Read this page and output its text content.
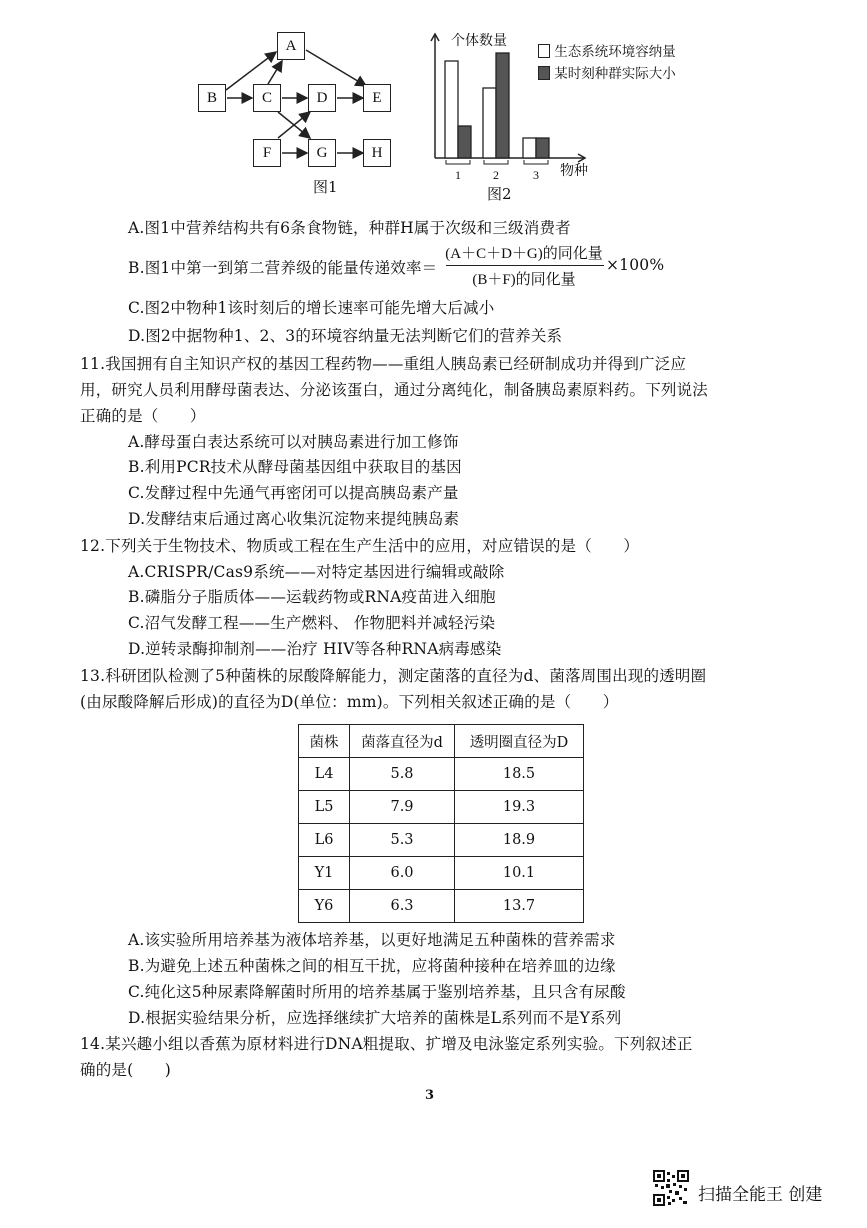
A
B	C	D	E
F	G	H
图1
1	2	3
个体数量
物种
生态系统环境容纳量
某时刻种群实际大小
图2
A.图1中营养结构共有6条食物链，种群H属于次级和三级消费者
B.图1中第一到第二营养级的能量传递效率＝
(A＋C＋D＋G)的同化量
(B＋F)的同化量
×100%
C.图2中物种1该时刻后的增长速率可能先增大后减小
D.图2中据物种1、2、3的环境容纳量无法判断它们的营养关系
11.我国拥有自主知识产权的基因工程药物——重组人胰岛素已经研制成功并得到广泛应
用，研究人员利用酵母菌表达、分泌该蛋白，通过分离纯化，制备胰岛素原料药。下列说法
正确的是（　　）
A.酵母蛋白表达系统可以对胰岛素进行加工修饰
B.利用PCR技术从酵母菌基因组中获取目的基因
C.发酵过程中先通气再密闭可以提高胰岛素产量
D.发酵结束后通过离心收集沉淀物来提纯胰岛素
12.下列关于生物技术、物质或工程在生产生活中的应用，对应错误的是（　　）
A.CRISPR/Cas9系统——对特定基因进行编辑或敲除
B.磷脂分子脂质体——运载药物或RNA疫苗进入细胞
C.沼气发酵工程——生产燃料、 作物肥料并减轻污染
D.逆转录酶抑制剂——治疗 HIV等各种RNA病毒感染
13.科研团队检测了5种菌株的尿酸降解能力，测定菌落的直径为d、菌落周围出现的透明圈
(由尿酸降解后形成)的直径为D(单位：mm)。下列相关叙述正确的是（　　）
菌株	菌落直径为d	透明圈直径为D
L4	5.8	18.5
L5	7.9	19.3
L6	5.3	18.9
Y1	6.0	10.1
Y6	6.3	13.7
A.该实验所用培养基为液体培养基，以更好地满足五种菌株的营养需求
B.为避免上述五种菌株之间的相互干扰，应将菌种接种在培养皿的边缘
C.纯化这5种尿素降解菌时所用的培养基属于鉴别培养基，且只含有尿酸
D.根据实验结果分析，应选择继续扩大培养的菌株是L系列而不是Y系列
14.某兴趣小组以香蕉为原材料进行DNA粗提取、扩增及电泳鉴定系列实验。下列叙述正
确的是(　　)
3
扫描全能王 创建
